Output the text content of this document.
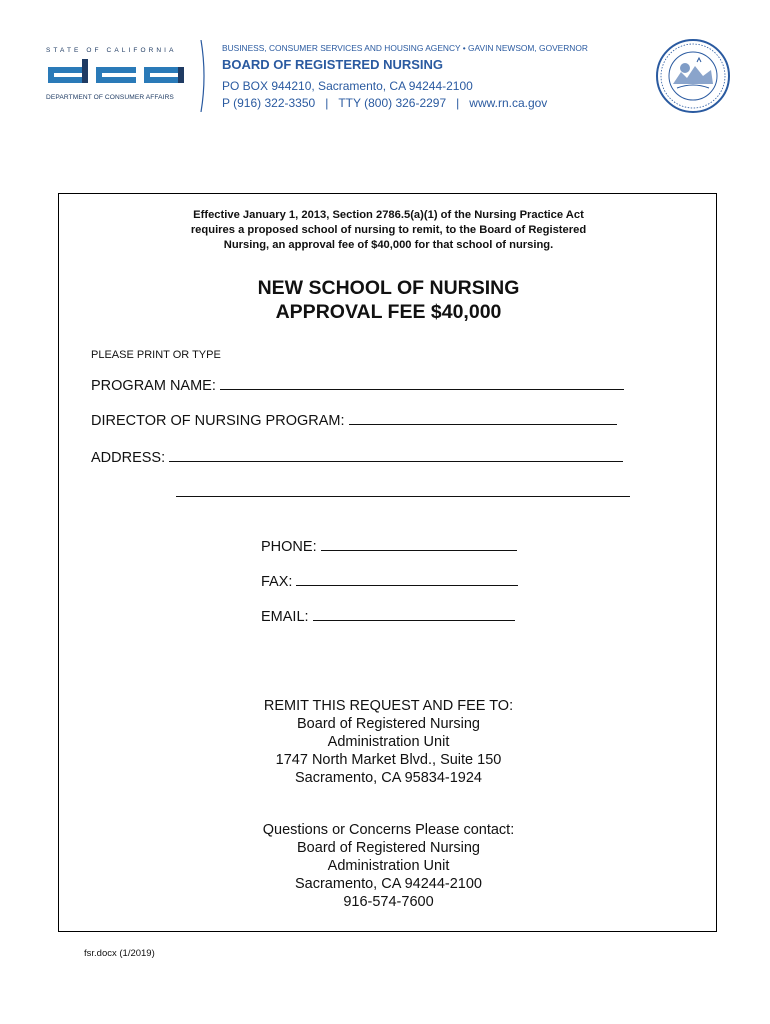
STATE OF CALIFORNIA
DEPARTMENT OF CONSUMER AFFAIRS
BUSINESS, CONSUMER SERVICES AND HOUSING AGENCY • GAVIN NEWSOM, GOVERNOR
BOARD OF REGISTERED NURSING
PO BOX 944210, Sacramento, CA 94244-2100
P (916) 322-3350 | TTY (800) 326-2297 | www.rn.ca.gov
Effective January 1, 2013, Section 2786.5(a)(1) of the Nursing Practice Act
requires a proposed school of nursing to remit, to the Board of Registered
Nursing, an approval fee of $40,000 for that school of nursing.
NEW SCHOOL OF NURSING
APPROVAL FEE $40,000
PLEASE PRINT OR TYPE
PROGRAM NAME:
DIRECTOR OF NURSING PROGRAM:
ADDRESS:
PHONE:
FAX:
EMAIL:
REMIT THIS REQUEST AND FEE TO:
Board of Registered Nursing
Administration Unit
1747 North Market Blvd., Suite 150
Sacramento, CA 95834-1924
Questions or Concerns Please contact:
Board of Registered Nursing
Administration Unit
Sacramento, CA 94244-2100
916-574-7600
fsr.docx (1/2019)
